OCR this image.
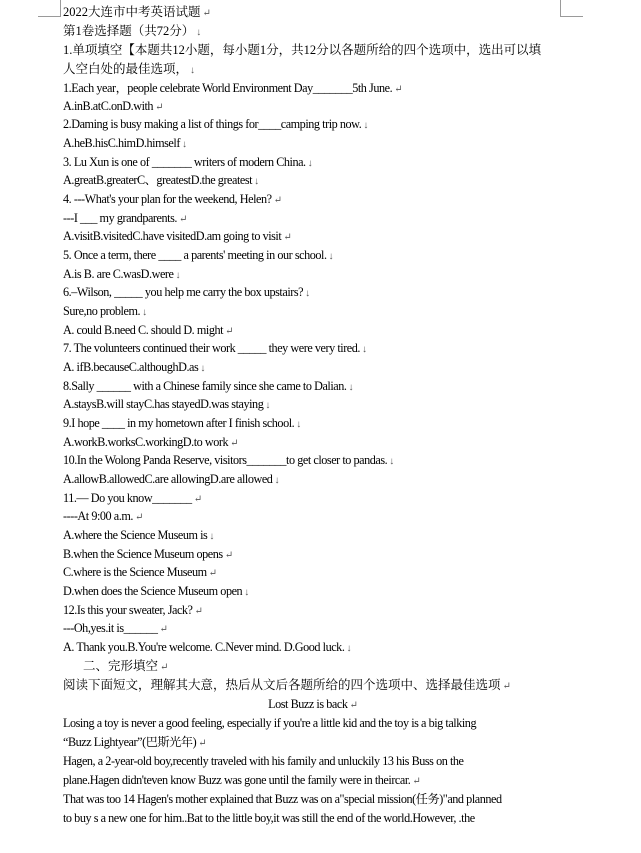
2022大连市中考英语试题 ↵
第1卷选择题（共72分） ↓
1.单项填空【本题共12小题，每小题1分，共12分以各题所给的四个选项中，选出可以填
人空白处的最佳选项， ↓
1.Each year，people celebrate World Environment Day_______5th June. ↵
A.inB.atC.onD.with ↵
2.Daming is busy making a list of things for____camping trip now. ↓
A.heB.hisC.himD.himself ↓
3. Lu Xun is one of _______ writers of modern China. ↓
A.greatB.greaterC、greatestD.the greatest ↓
4. ---What's your plan for the weekend, Helen? ↵
---I ___ my grandparents. ↵
A.visitB.visitedC.have visitedD.am going to visit ↵
5. Once a term, there ____ a parents' meeting in our school. ↓
A.is B. are C.wasD.were ↓
6.–Wilson, _____ you help me carry the box upstairs? ↓
Sure,no problem. ↓
A. could B.need C. should D. might ↵
7. The volunteers continued their work _____ they were very tired. ↓
A. ifB.becauseC.althoughD.as ↓
8.Sally ______ with a Chinese family since she came to Dalian. ↓
A.staysB.will stayC.has stayedD.was staying ↓
9.I hope ____ in my hometown after I finish school. ↓
A.workB.worksC.workingD.to work ↵
10.In the Wolong Panda Reserve, visitors_______to get closer to pandas. ↓
A.allowB.allowedC.are allowingD.are allowed ↓
11.— Do you know_______ ↵
----At 9:00 a.m. ↵
A.where the Science Museum is ↓
B.when the Science Museum opens ↵
C.where is the Science Museum ↵
D.when does the Science Museum open ↓
12.Is this your sweater, Jack? ↵
---Oh,yes.it is______ ↵
A. Thank you.B.You're welcome. C.Never mind. D.Good luck. ↓
二、完形填空 ↵
阅读下面短文，理解其大意，热后从文后各题所给的四个选项中、选择最佳选项 ↵
Lost Buzz is back ↵
Losing a toy is never a good feeling, especially if you're a little kid and the toy is a big talking
“Buzz Lightyear”(巴斯光年) ↵
Hagen, a 2-year-old boy,recently traveled with his family and unluckily 13 his Buss on the
plane.Hagen didn'teven know Buzz was gone until the family were in theircar. ↵
That was too 14 Hagen's mother explained that Buzz was on a"special mission(任务)"and planned
to buy s a new one for him..Bat to the little boy,it was still the end of the world.However, .the
